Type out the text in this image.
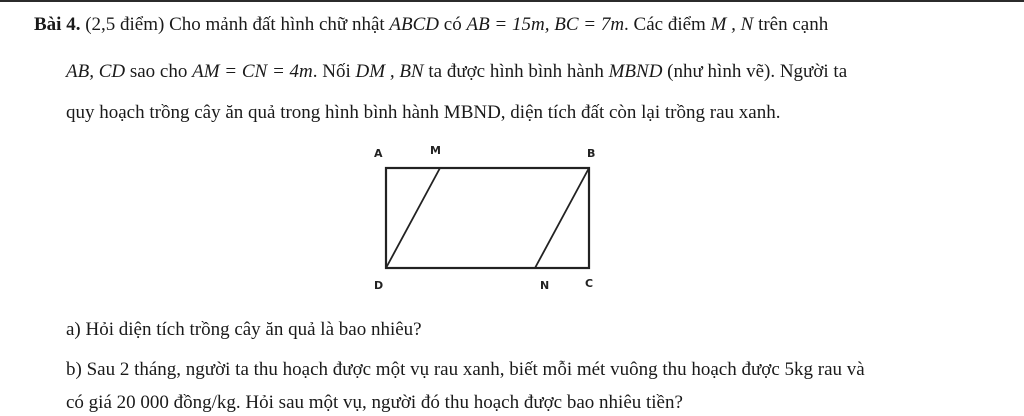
Bài 4. (2,5 điểm) Cho mảnh đất hình chữ nhật ABCD có AB = 15m, BC = 7m. Các điểm M , N trên cạnh
AB, CD sao cho AM = CN = 4m. Nối DM , BN ta được hình bình hành MBND (như hình vẽ). Người ta
quy hoạch trồng cây ăn quả trong hình bình hành MBND, diện tích đất còn lại trồng rau xanh.
A	M	B
D	N	C
a) Hỏi diện tích trồng cây ăn quả là bao nhiêu?
b) Sau 2 tháng, người ta thu hoạch được một vụ rau xanh, biết mỗi mét vuông thu hoạch được 5kg rau và
có giá 20 000 đồng/kg. Hỏi sau một vụ, người đó thu hoạch được bao nhiêu tiền?
